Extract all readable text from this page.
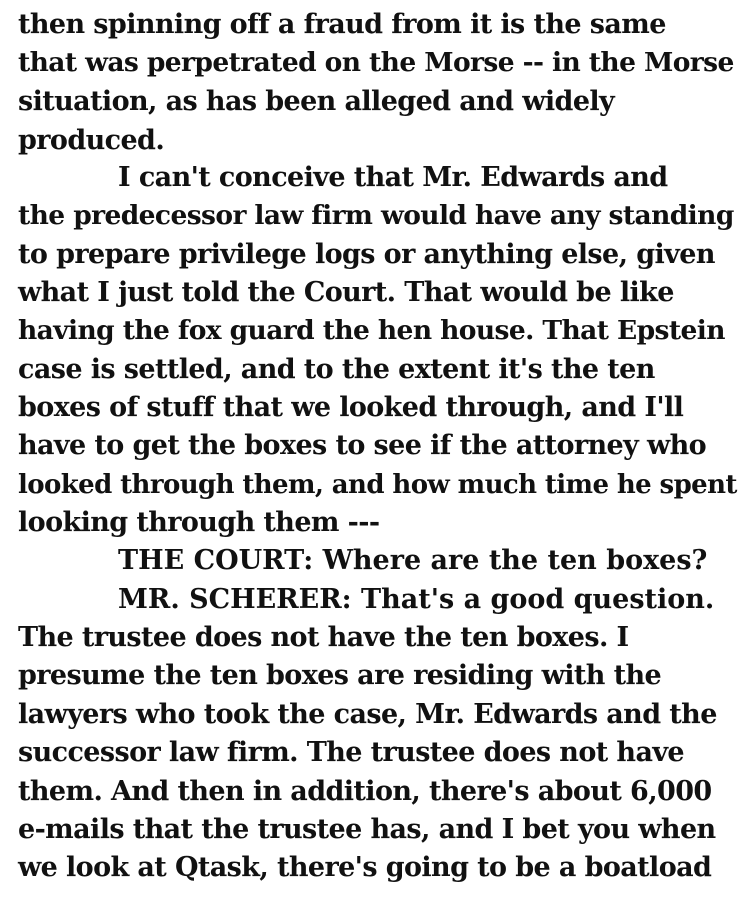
then spinning off a fraud from it is the same
that was perpetrated on the Morse -- in the Morse
situation, as has been alleged and widely
produced.
I can't conceive that Mr. Edwards and
the predecessor law firm would have any standing
to prepare privilege logs or anything else, given
what I just told the Court. That would be like
having the fox guard the hen house. That Epstein
case is settled, and to the extent it's the ten
boxes of stuff that we looked through, and I'll
have to get the boxes to see if the attorney who
looked through them, and how much time he spent
looking through them ---
THE COURT: Where are the ten boxes?
MR. SCHERER: That's a good question.
The trustee does not have the ten boxes. I
presume the ten boxes are residing with the
lawyers who took the case, Mr. Edwards and the
successor law firm. The trustee does not have
them. And then in addition, there's about 6,000
e-mails that the trustee has, and I bet you when
we look at Qtask, there's going to be a boatload
